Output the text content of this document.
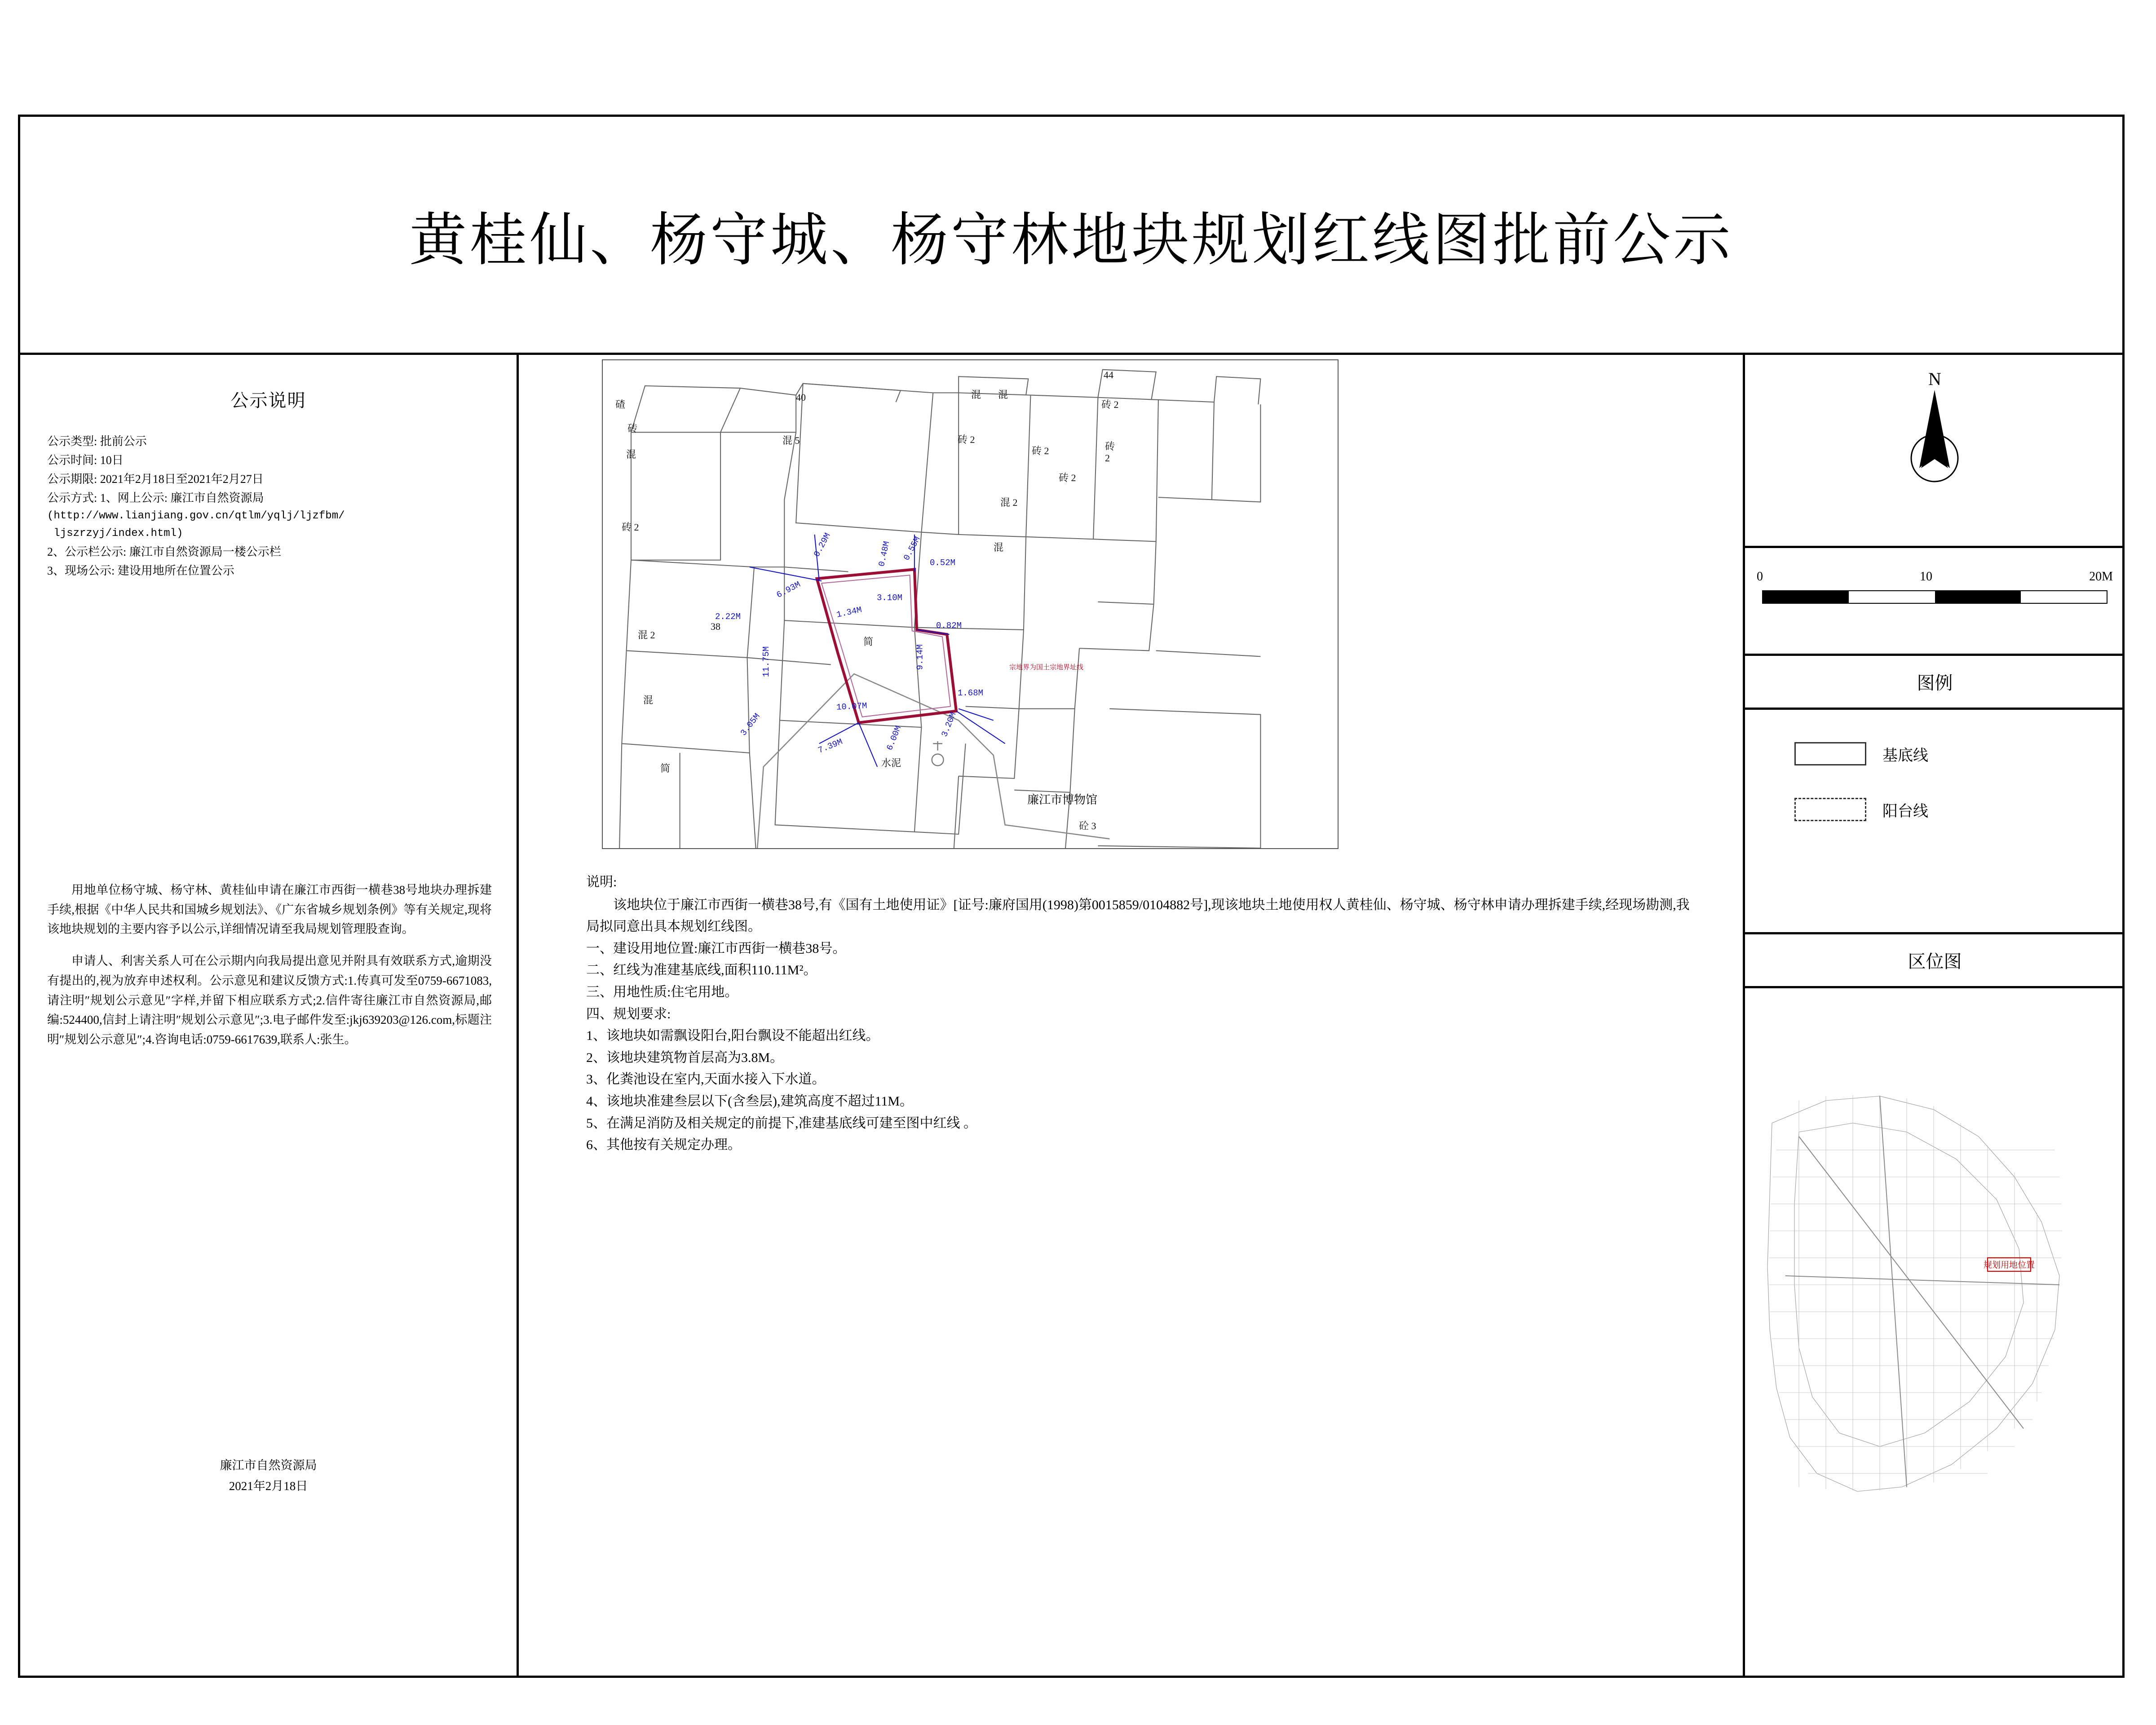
黄桂仙、杨守城、杨守林地块规划红线图批前公示
公示说明
公示类型: 批前公示
公示时间: 10日
公示期限: 2021年2月18日至2021年2月27日
公示方式: 1、网上公示: 廉江市自然资源局
(http://www.lianjiang.gov.cn/qtlm/yqlj/ljzfbm/
ljszrzyj/index.html)
2、公示栏公示: 廉江市自然资源局一楼公示栏
3、现场公示: 建设用地所在位置公示

用地单位杨守城、杨守林、黄桂仙申请在廉江市西街一横巷38号地块办理拆建手续,根据《中华人民共和国城乡规划法》、《广东省城乡规划条例》等有关规定,现将该地块规划的主要内容予以公示,详细情况请至我局规划管理股查询。

申请人、利害关系人可在公示期内向我局提出意见并附具有效联系方式,逾期没有提出的,视为放弃申述权利。公示意见和建议反馈方式:1.传真可发至0759-6671083,请注明″规划公示意见″字样,并留下相应联系方式;2.信件寄往廉江市自然资源局,邮编:524400,信封上请注明″规划公示意见″;3.电子邮件发至:jkj639203@126.com,标题注明″规划公示意见″;4.咨询电话:0759-6617639,联系人:张生。

廉江市自然资源局
2021年2月18日
碴
砖
混
砖 2
混 2
混
简
40
混 5
简
38
混 混
砖 2
砖 2
混 2
混
砖 2
44
砖 2
砖
2
水泥
砼 3
廉江市博物馆
宗地界为国土宗地界址线
2.22M
0.29M
6.93M
1.34M
0.48M
3.10M
0.55M
0.52M
0.82M
9.14M
11.75M
10.07M
1.68M
3.20M
6.00M
7.39M
3.05M

说明:

该地块位于廉江市西街一横巷38号,有《国有土地使用证》[证号:廉府国用(1998)第0015859/0104882号],现该地块土地使用权人黄桂仙、杨守城、杨守林申请办理拆建手续,经现场勘测,我局拟同意出具本规划红线图。

一、建设用地位置:廉江市西街一横巷38号。

二、红线为准建基底线,面积110.11M²。

三、用地性质:住宅用地。

四、规划要求:

1、该地块如需飘设阳台,阳台飘设不能超出红线。

2、该地块建筑物首层高为3.8M。

3、化粪池设在室内,天面水接入下水道。

4、该地块准建叁层以下(含叁层),建筑高度不超过11M。

5、在满足消防及相关规定的前提下,准建基底线可建至图中红线 。

6、其他按有关规定办理。

N
0	10	20M
图例
基底线
阳台线
区位图
规划用地位置
